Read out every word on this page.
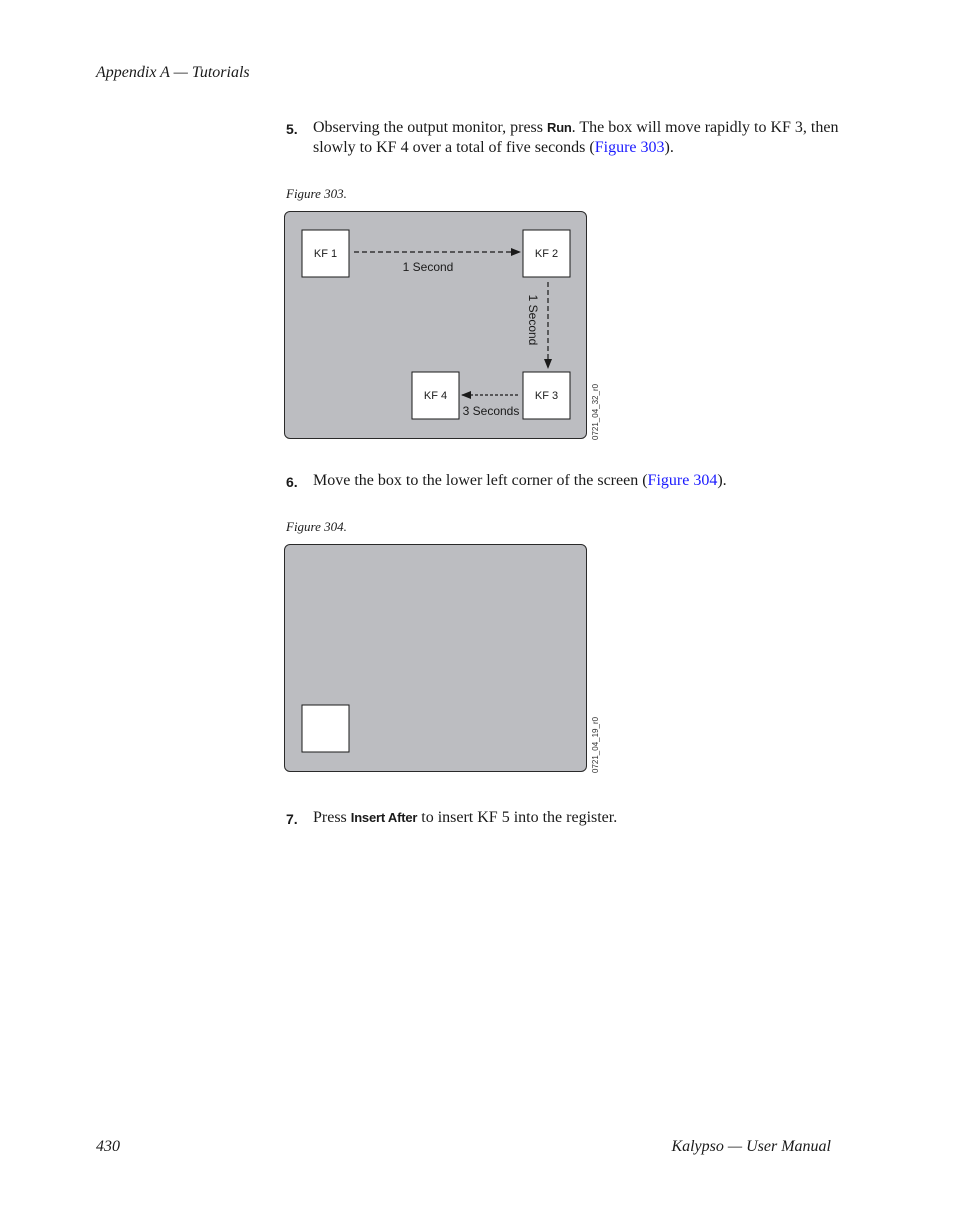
Appendix A — Tutorials
5. Observing the output monitor, press Run. The box will move rapidly to KF 3, then slowly to KF 4 over a total of five seconds (Figure 303).
Figure 303.
KF 1	KF 2
KF 3
KF 4
1 Second
1 Second
3 Seconds	0721_04_32_r0
6. Move the box to the lower left corner of the screen (Figure 304).
Figure 304.
0721_04_19_r0
7. Press Insert After to insert KF 5 into the register.
430	Kalypso — User Manual
